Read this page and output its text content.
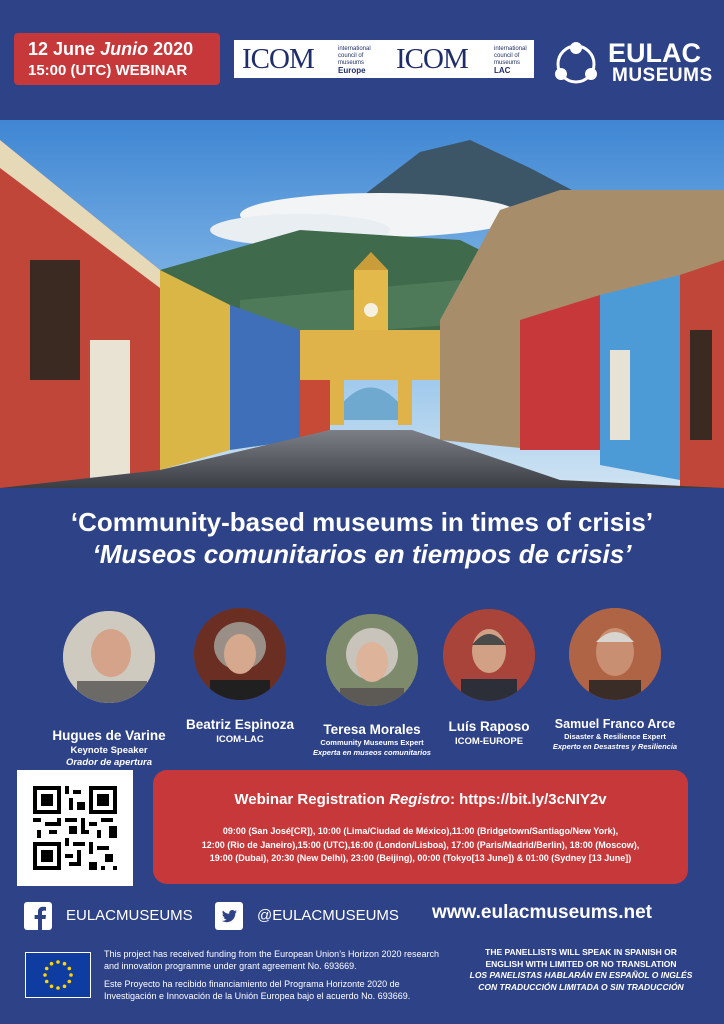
12 June Junio 2020
15:00 (UTC) WEBINAR ICOM	international council of museums
Europe ICOM	international council of museums
LAC
EULAC
MUSEUMS
‘Community-based museums in times of crisis’
‘Museos comunitarios en tiempos de crisis’
Hugues de Varine
Keynote Speaker
Orador de apertura
Beatriz Espinoza
ICOM-LAC
Teresa Morales
Community Museums Expert
Experta en museos comunitarios
Luís Raposo
ICOM-EUROPE
Samuel Franco Arce
Disaster & Resilience Expert
Experto en Desastres y Resiliencia
Webinar Registration Registro: https://bit.ly/3cNIY2v
09:00 (San José[CR]), 10:00 (Lima/Ciudad de México),11:00 (Bridgetown/Santiago/New York),
12:00 (Rio de Janeiro),15:00 (UTC),16:00 (London/Lisboa), 17:00 (Paris/Madrid/Berlin), 18:00 (Moscow),
19:00 (Dubai), 20:30 (New Delhi), 23:00 (Beijing), 00:00 (Tokyo[13 June]) & 01:00 (Sydney [13 June])
EULACMUSEUMS	@EULACMUSEUMS www.eulacmuseums.net
This project has received funding from the European Union’s Horizon 2020 research and innovation programme under grant agreement No. 693669.
Este Proyecto ha recibido financiamiento del Programa Horizonte 2020 de Investigación e Innovación de la Unión Europea bajo el acuerdo No. 693669.
THE PANELLISTS WILL SPEAK IN SPANISH OR ENGLISH WITH LIMITED OR NO TRANSLATION
LOS PANELISTAS HABLARÁN EN ESPAÑOL O INGLÉS CON TRADUCCIÓN LIMITADA O SIN TRADUCCIÓN
